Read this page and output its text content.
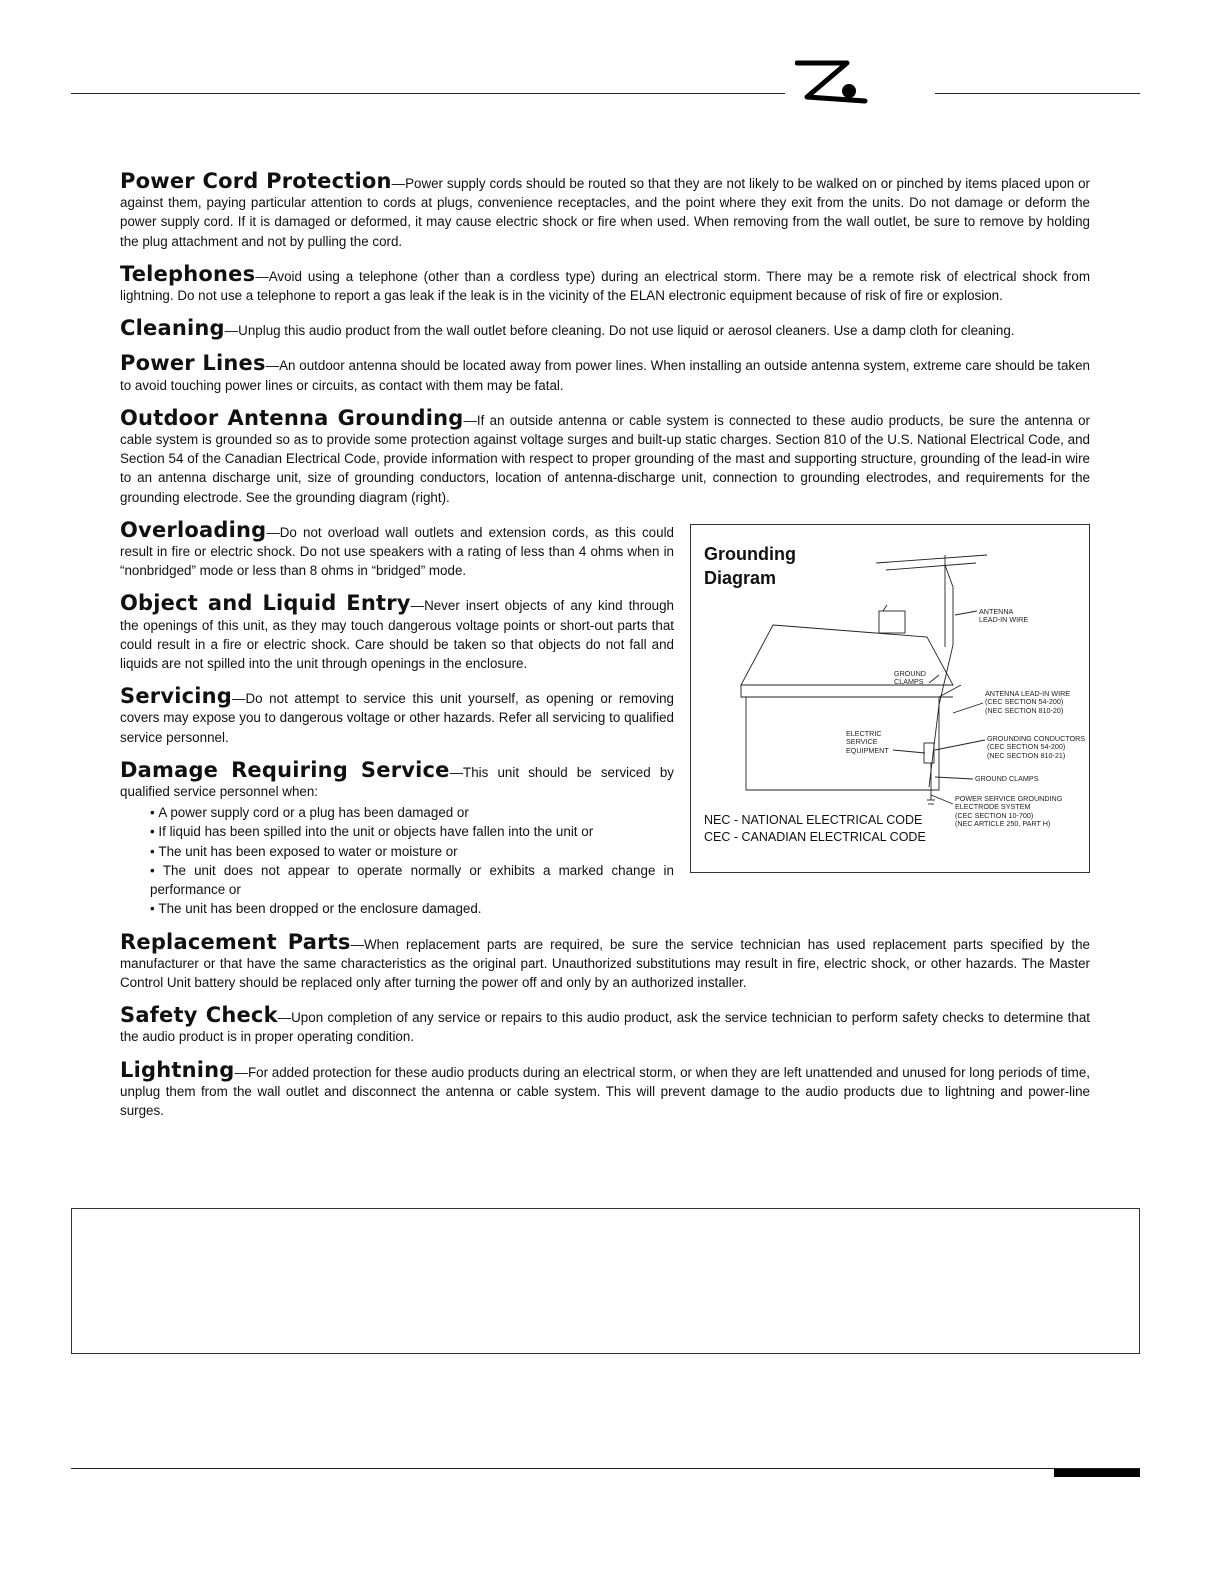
Power Cord Protection—Power supply cords should be routed so that they are not likely to be walked on or pinched by items placed upon or against them, paying particular attention to cords at plugs, convenience receptacles, and the point where they exit from the units. Do not damage or deform the power supply cord. If it is damaged or deformed, it may cause electric shock or fire when used. When removing from the wall outlet, be sure to remove by holding the plug attachment and not by pulling the cord.

Telephones—Avoid using a telephone (other than a cordless type) during an electrical storm. There may be a remote risk of electrical shock from lightning. Do not use a telephone to report a gas leak if the leak is in the vicinity of the ELAN electronic equipment because of risk of fire or explosion.

Cleaning—Unplug this audio product from the wall outlet before cleaning. Do not use liquid or aerosol cleaners. Use a damp cloth for cleaning.

Power Lines—An outdoor antenna should be located away from power lines. When installing an outside antenna system, extreme care should be taken to avoid touching power lines or circuits, as contact with them may be fatal.

Outdoor Antenna Grounding—If an outside antenna or cable system is connected to these audio products, be sure the antenna or cable system is grounded so as to provide some protection against voltage surges and built-up static charges. Section 810 of the U.S. National Electrical Code, and Section 54 of the Canadian Electrical Code, provide information with respect to proper grounding of the mast and supporting structure, grounding of the lead-in wire to an antenna discharge unit, size of grounding conductors, location of antenna-discharge unit, connection to grounding electrodes, and requirements for the grounding electrode. See the grounding diagram (right).

Grounding
Diagram
ANTENNA
LEAD-IN WIRE
GROUND
CLAMPS
ANTENNA LEAD-IN WIRE
(CEC SECTION 54-200)
(NEC SECTION 810-20)
ELECTRIC
SERVICE
EQUIPMENT
GROUNDING CONDUCTORS
(CEC SECTION 54-200)
(NEC SECTION 810-21)
GROUND CLAMPS
POWER SERVICE GROUNDING
ELECTRODE SYSTEM
(CEC SECTION 10-700)
(NEC ARTICLE 250, PART H)
NEC - NATIONAL ELECTRICAL CODE
CEC - CANADIAN ELECTRICAL CODE

Overloading—Do not overload wall outlets and extension cords, as this could result in fire or electric shock. Do not use speakers with a rating of less than 4 ohms when in “nonbridged” mode or less than 8 ohms in “bridged” mode.

Object and Liquid Entry—Never insert objects of any kind through the openings of this unit, as they may touch dangerous voltage points or short-out parts that could result in a fire or electric shock. Care should be taken so that objects do not fall and liquids are not spilled into the unit through openings in the enclosure.

Servicing—Do not attempt to service this unit yourself, as opening or removing covers may expose you to dangerous voltage or other hazards. Refer all servicing to qualified service personnel.

Damage Requiring Service—This unit should be serviced by qualified service personnel when:
• A power supply cord or a plug has been damaged or
• If liquid has been spilled into the unit or objects have fallen into the unit or
• The unit has been exposed to water or moisture or
• The unit does not appear to operate normally or exhibits a marked change in performance or
• The unit has been dropped or the enclosure damaged.

Replacement Parts—When replacement parts are required, be sure the service technician has used replacement parts specified by the manufacturer or that have the same characteristics as the original part. Unauthorized substitutions may result in fire, electric shock, or other hazards. The Master Control Unit battery should be replaced only after turning the power off and only by an authorized installer.

Safety Check—Upon completion of any service or repairs to this audio product, ask the service technician to perform safety checks to determine that the audio product is in proper operating condition.

Lightning—For added protection for these audio products during an electrical storm, or when they are left unattended and unused for long periods of time, unplug them from the wall outlet and disconnect the antenna or cable system. This will prevent damage to the audio products due to lightning and power-line surges.
